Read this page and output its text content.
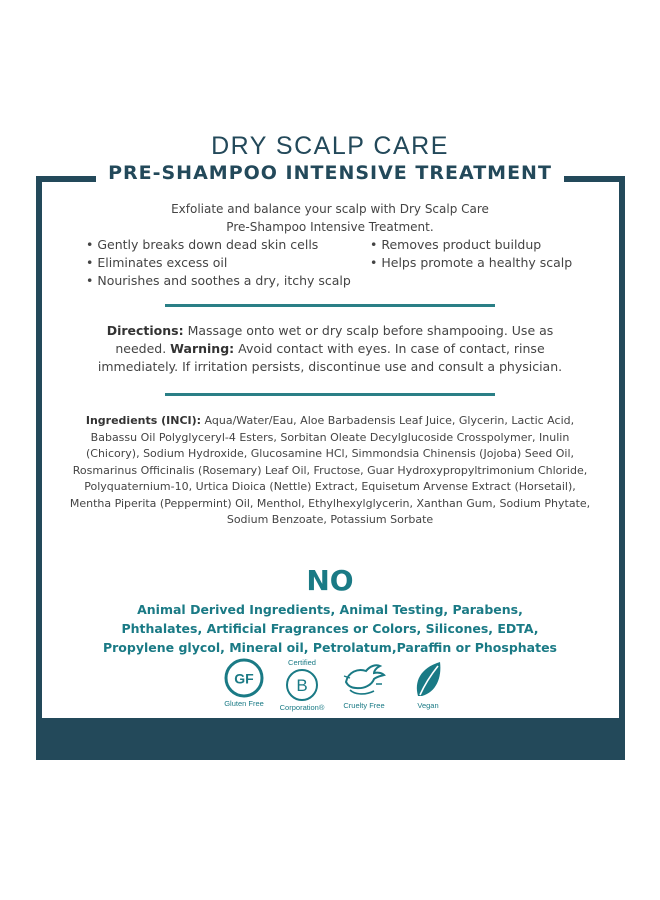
DRY SCALP CARE
PRE-SHAMPOO INTENSIVE TREATMENT
Exfoliate and balance your scalp with Dry Scalp Care
Pre-Shampoo Intensive Treatment.
• Gently breaks down dead skin cells
• Eliminates excess oil
• Nourishes and soothes a dry, itchy scalp
• Removes product buildup
• Helps promote a healthy scalp
Directions: Massage onto wet or dry scalp before shampooing. Use as needed. Warning: Avoid contact with eyes. In case of contact, rinse immediately. If irritation persists, discontinue use and consult a physician.
Ingredients (INCI): Aqua/Water/Eau, Aloe Barbadensis Leaf Juice, Glycerin, Lactic Acid, Babassu Oil Polyglyceryl-4 Esters, Sorbitan Oleate Decylglucoside Crosspolymer, Inulin (Chicory), Sodium Hydroxide, Glucosamine HCl, Simmondsia Chinensis (Jojoba) Seed Oil, Rosmarinus Officinalis (Rosemary) Leaf Oil, Fructose, Guar Hydroxypropyltrimonium Chloride, Polyquaternium-10, Urtica Dioica (Nettle) Extract, Equisetum Arvense Extract (Horsetail), Mentha Piperita (Peppermint) Oil, Menthol, Ethylhexylglycerin, Xanthan Gum, Sodium Phytate, Sodium Benzoate, Potassium Sorbate
NO
Animal Derived Ingredients, Animal Testing, Parabens, Phthalates, Artificial Fragrances or Colors, Silicones, EDTA, Propylene glycol, Mineral oil, Petrolatum,Paraffin or Phosphates
GF
Gluten Free
Certified
B
Corporation®	Cruelty Free	Vegan
